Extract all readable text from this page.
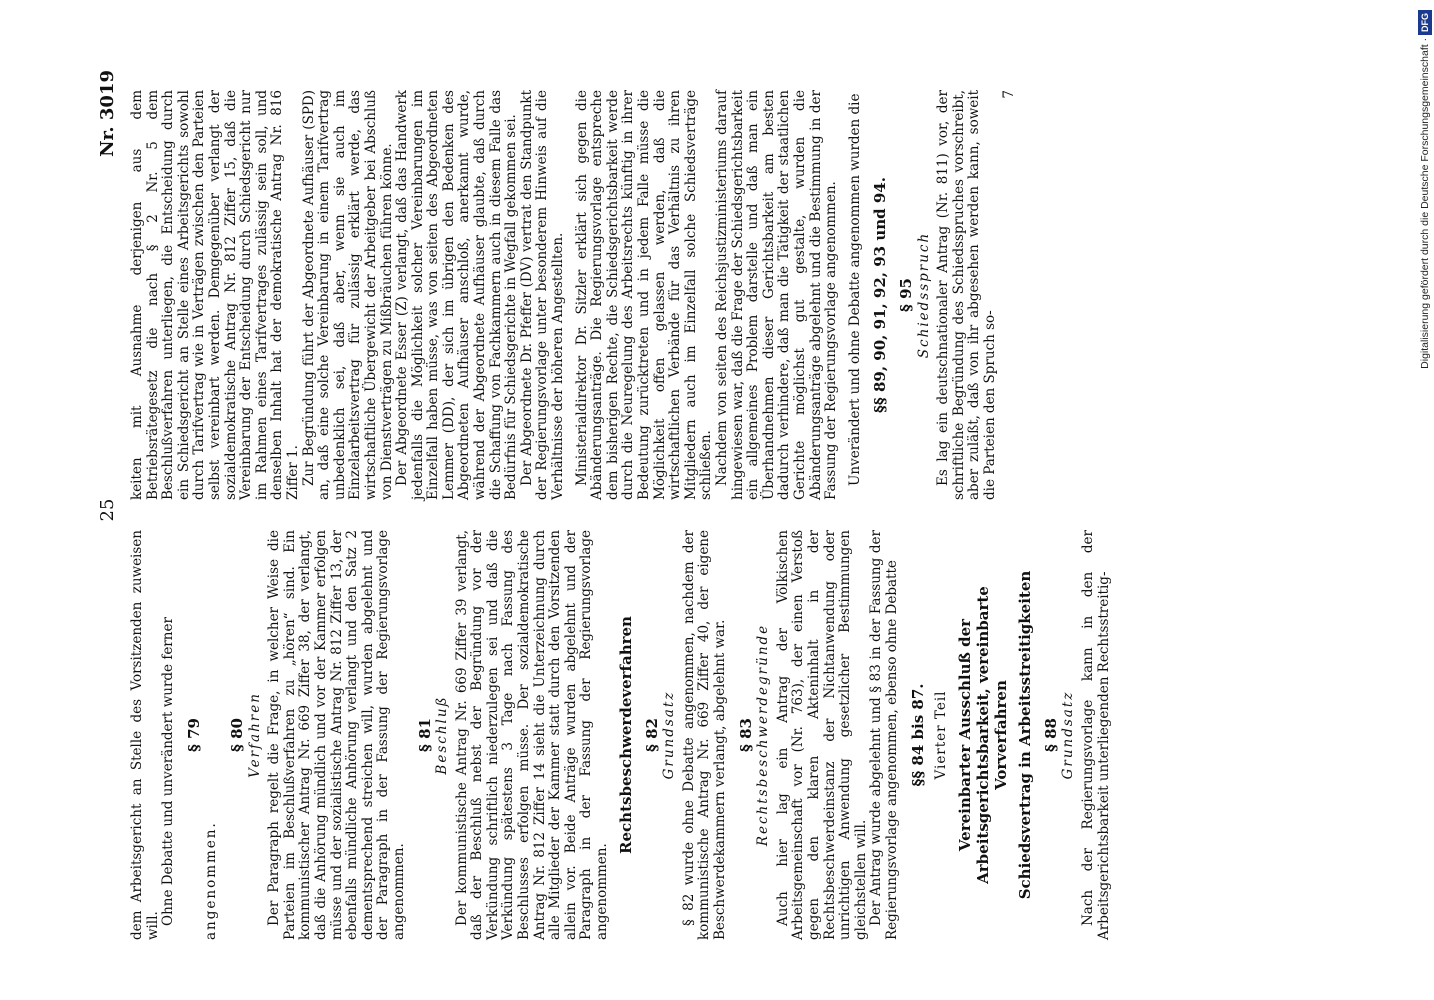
25
Nr. 3019

dem Arbeitsgericht an Stelle des Vorsitzenden zuweisen will. Ohne Debatte und unverändert wurde ferner § 79

angenommen.

§ 80 Verfahren Der Paragraph regelt die Frage, in welcher Weise die Parteien im Beschlußverfahren zu „hören“ sind. Ein kommunistischer Antrag Nr. 669 Ziffer 38, der verlangt, daß die Anhörung mündlich und vor der Kammer erfolgen müsse und der sozialistische Antrag Nr. 812 Ziffer 13, der ebenfalls mündliche Anhörung verlangt und den Satz 2 dementsprechend streichen will, wurden abgelehnt und der Paragraph in der Fassung der Regierungsvorlage angenommen.

§ 81 Beschluß Der kommunistische Antrag Nr. 669 Ziffer 39 verlangt, daß der Beschluß nebst der Begründung vor der Verkündung schriftlich niederzulegen sei und daß die Verkündung spätestens 3 Tage nach Fassung des Beschlusses erfolgen müsse. Der sozialdemokratische Antrag Nr. 812 Ziffer 14 sieht die Unterzeichnung durch alle Mitglieder der Kammer statt durch den Vorsitzenden allein vor. Beide Anträge wurden abgelehnt und der Paragraph in der Fassung der Regierungsvorlage angenommen.

Rechtsbeschwerdeverfahren § 82 Grundsatz § 82 wurde ohne Debatte angenommen, nachdem der kommunistische Antrag Nr. 669 Ziffer 40, der eigene Beschwerdekammern verlangt, abgelehnt war. § 83 Rechtsbeschwerdegründe Auch hier lag ein Antrag der Völkischen Arbeitsgemeinschaft vor (Nr. 763), der einen Verstoß gegen den klaren Akteninhalt in der Rechtsbeschwerdeinstanz der Nichtanwendung oder unrichtigen Anwendung gesetzlicher Bestimmungen gleichstellen will. Der Antrag wurde abgelehnt und § 83 in der Fassung der Regierungsvorlage angenommen, ebenso ohne Debatte §§ 84 bis 87. Vierter Teil Vereinbarter Ausschluß der Arbeitsgerichtsbarkeit, vereinbarte Vorverfahren Schiedsvertrag in Arbeitsstreitigkeiten § 88 Grundsatz Nach der Regierungsvorlage kann in den der Arbeitsgerichtsbarkeit unterliegenden Rechtsstreitig-

keiten mit Ausnahme derjenigen aus dem Betriebsrätegesetz die nach § 2 Nr. 5 dem Beschlußverfahren unterliegen, die Entscheidung durch ein Schiedsgericht an Stelle eines Arbeitsgerichts sowohl durch Tarifvertrag wie in Verträgen zwischen den Parteien selbst vereinbart werden. Demgegenüber verlangt der sozialdemokratische Antrag Nr. 812 Ziffer 15, daß die Vereinbarung der Entscheidung durch Schiedsgericht nur im Rahmen eines Tarifvertrages zulässig sein soll, und denselben Inhalt hat der demokratische Antrag Nr. 816 Ziffer 1. Zur Begründung führt der Abgeordnete Aufhäuser (SPD) an, daß eine solche Vereinbarung in einem Tarifvertrag unbedenklich sei, daß aber, wenn sie auch im Einzelarbeitsvertrag für zulässig erklärt werde, das wirtschaftliche Übergewicht der Arbeitgeber bei Abschluß von Dienstverträgen zu Mißbräuchen führen könne. Der Abgeordnete Esser (Z) verlangt, daß das Handwerk jedenfalls die Möglichkeit solcher Vereinbarungen im Einzelfall haben müsse, was von seiten des Abgeordneten Lemmer (DD), der sich im übrigen den Bedenken des Abgeordneten Aufhäuser anschloß, anerkannt wurde, während der Abgeordnete Aufhäuser glaubte, daß durch die Schaffung von Fachkammern auch in diesem Falle das Bedürfnis für Schiedsgerichte in Wegfall gekommen sei. Der Abgeordnete Dr. Pfeffer (DV) vertrat den Standpunkt der Regierungsvorlage unter besonderem Hinweis auf die Verhältnisse der höheren Angestellten. Ministerialdirektor Dr. Sitzler erklärt sich gegen die Abänderungsanträge. Die Regierungsvorlage entspreche dem bisherigen Rechte, die Schiedsgerichtsbarkeit werde durch die Neuregelung des Arbeitsrechts künftig in ihrer Bedeutung zurücktreten und in jedem Falle müsse die Möglichkeit offen gelassen werden, daß die wirtschaftlichen Verbände für das Verhältnis zu ihren Mitgliedern auch im Einzelfall solche Schiedsverträge schließen. Nachdem von seiten des Reichsjustizministeriums darauf hingewiesen war, daß die Frage der Schiedsgerichtsbarkeit ein allgemeines Problem darstelle und daß man ein Überhandnehmen dieser Gerichtsbarkeit am besten dadurch verhindere, daß man die Tätigkeit der staatlichen Gerichte möglichst gut gestalte, wurden die Abänderungsanträge abgelehnt und die Bestimmung in der Fassung der Regierungsvorlage angenommen. Unverändert und ohne Debatte angenommen wurden die §§ 89, 90, 91, 92, 93 und 94. § 95 Schiedsspruch Es lag ein deutschnationaler Antrag (Nr. 811) vor, der schriftliche Begründung des Schiedsspruches vorschreibt, aber zuläßt, daß von ihr abgesehen werden kann, soweit die Parteien den Spruch so-

7	Digitalisierung gefördert durch die Deutsche Forschungsgemeinschaft · DFG
